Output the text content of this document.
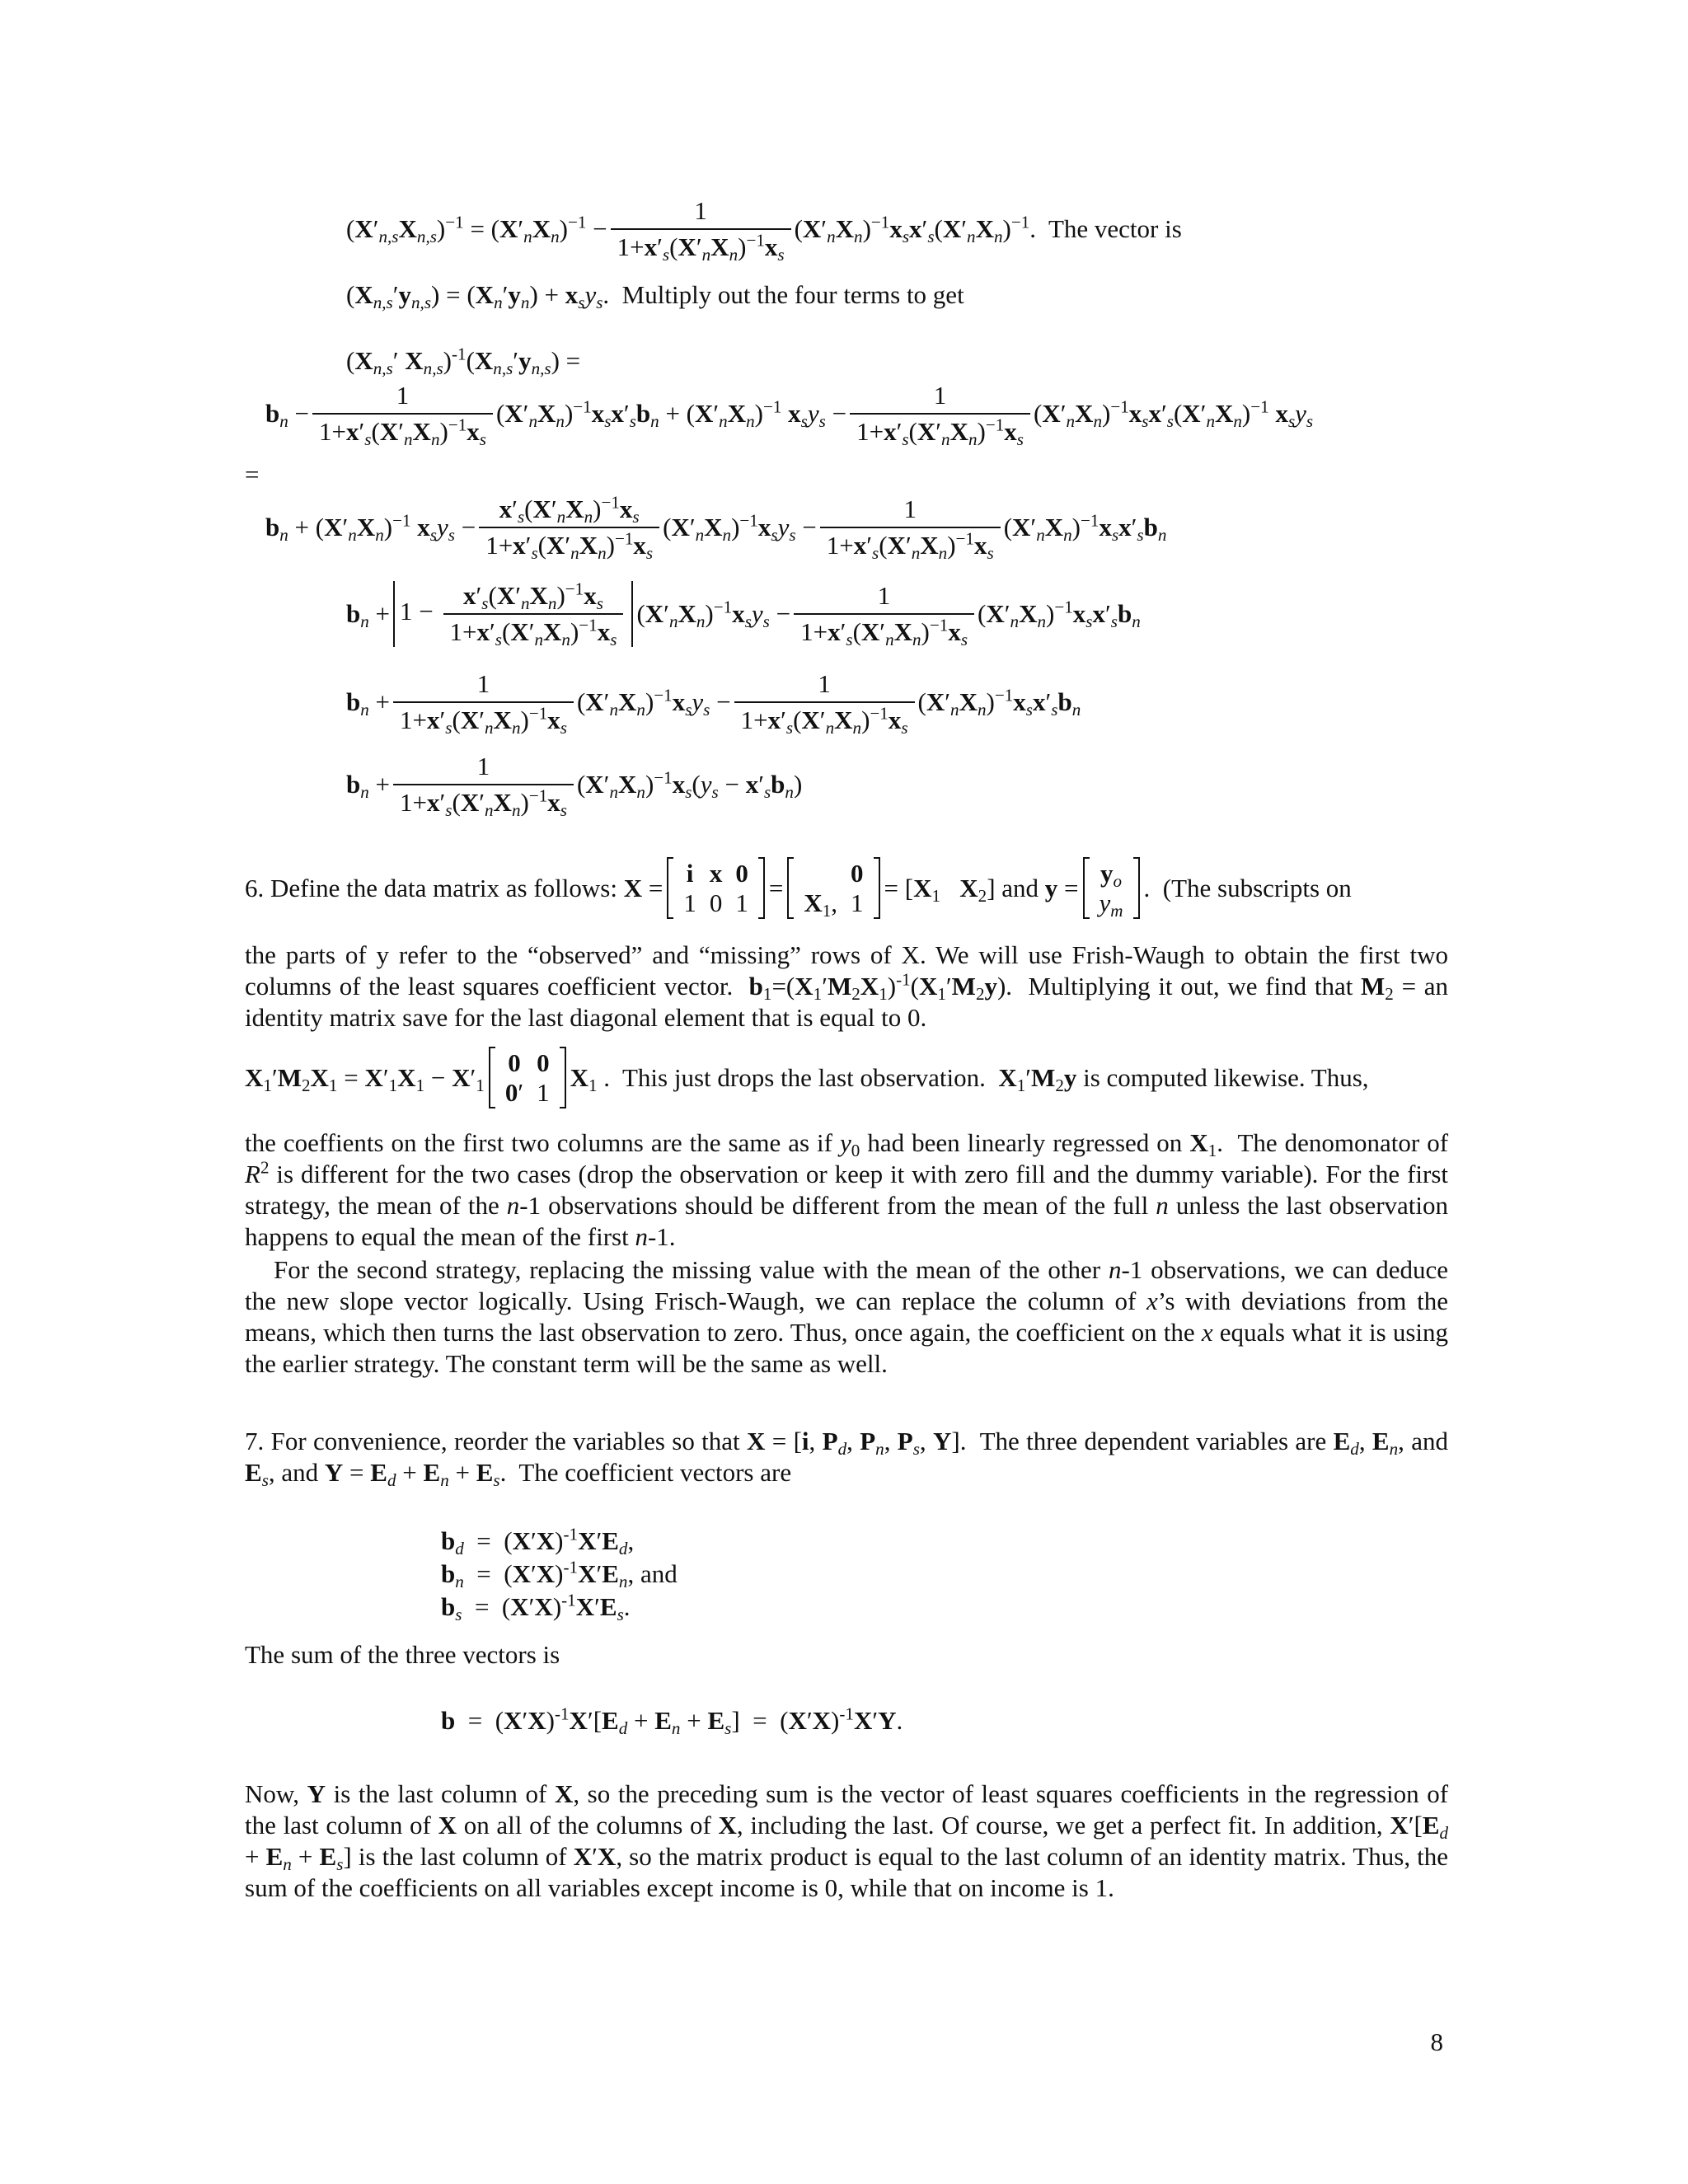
$(X'_{n,s}X_{n,s})^{-1} = (X'_nX_n)^{-1} - \frac{1}{1+x'_s(X'_nX_n)^{-1}x_s} (X'_nX_n)^{-1}x_sx'_s(X'_nX_n)^{-1}$.  The vector is
$(X_{n,s}'y_{n,s}) = (X_n'y_n) + x_sy_s$.  Multiply out the four terms to get
($X_{n,s}'$ $X_{n,s})^{-1}(X_{n,s}'y_{n,s})$ =
$b_n - \frac{1}{1+x'_s(X'_nX_n)^{-1}x_s} (X'_nX_n)^{-1}x_sx'_sb_n + (X'_nX_n)^{-1}$ $x_sy_s - \frac{1}{1+x'_s(X'_nX_n)^{-1}x_s} (X'_nX_n)^{-1}x_sx'_s(X'_nX_n)^{-1}$ $x_sy_s$
=
$b_n + (X'_nX_n)^{-1}$ $x_sy_s - \frac{x'_s(X'_nX_n)^{-1}x_s}{1+x'_s(X'_nX_n)^{-1}x_s} (X'_nX_n)^{-1}x_sy_s - \frac{1}{1+x'_s(X'_nX_n)^{-1}x_s} (X'_nX_n)^{-1}x_sx'_sb_n$
$b_n + 1 - \frac{x'_s(X'_nX_n)^{-1}x_s}{1+x'_s(X'_nX_n)^{-1}x_s} (X'_nX_n)^{-1}x_sy_s - \frac{1}{1+x'_s(X'_nX_n)^{-1}x_s} (X'_nX_n)^{-1}x_sx'_sb_n$
$b_n + \frac{1}{1+x'_s(X'_nX_n)^{-1}x_s} (X'_nX_n)^{-1}x_sy_s - \frac{1}{1+x'_s(X'_nX_n)^{-1}x_s} (X'_nX_n)^{-1}x_sx'_sb_n$
$b_n + \frac{1}{1+x'_s(X'_nX_n)^{-1}x_s} (X'_nX_n)^{-1}x_s(y_s - x'_sb_n)$
6. Define the data matrix as follows: X =
i	x	0
1	0	1
=
	0
$X_1$,	1
= [$X_1$ $X_2$] and y =
$y_o$
$y_m$
.  (The subscripts on
the parts of y refer to the “observed” and “missing” rows of X. We will use Frish-Waugh to obtain the first two columns of the least squares coefficient vector. $b_1=(X_1'M_2X_1)^{-1}(X_1'M_2y)$.  Multiplying it out, we find that $M_2$ = an identity matrix save for the last diagonal element that is equal to 0.
$X_1'M_2X_1 = X'_1X_1 - X'_1$
0	0
0′	1
$X_1$ .  This just drops the last observation. $X_1'M_2y$ is computed likewise. Thus,
the coeffients on the first two columns are the same as if $y_0$ had been linearly regressed on $X_1$.  The denomonator of $R^2$ is different for the two cases (drop the observation or keep it with zero fill and the dummy variable). For the first strategy, the mean of the n-1 observations should be different from the mean of the full n unless the last observation happens to equal the mean of the first n-1.
For the second strategy, replacing the missing value with the mean of the other n-1 observations, we can deduce the new slope vector logically. Using Frisch-Waugh, we can replace the column of x’s with deviations from the means, which then turns the last observation to zero. Thus, once again, the coefficient on the x equals what it is using the earlier strategy. The constant term will be the same as well.
7. For convenience, reorder the variables so that X = [i, $P_d$, $P_n$, $P_s$, Y].  The three dependent variables are $E_d$, $E_n$, and $E_s$, and $Y = E_d + E_n + E_s$.  The coefficient vectors are
$b_d = (X'X)^{-1}X'E_d$,
$b_n = (X'X)^{-1}X'E_n$, and
$b_s = (X'X)^{-1}X'E_s$.
The sum of the three vectors is
$b = (X'X)^{-1}X'[E_d + E_n + E_s] = (X'X)^{-1}X'Y$.
Now, Y is the last column of X, so the preceding sum is the vector of least squares coefficients in the regression of the last column of X on all of the columns of X, including the last. Of course, we get a perfect fit. In addition, $X'[E_d + E_n + E_s]$ is the last column of X′X, so the matrix product is equal to the last column of an identity matrix. Thus, the sum of the coefficients on all variables except income is 0, while that on income is 1.
8
